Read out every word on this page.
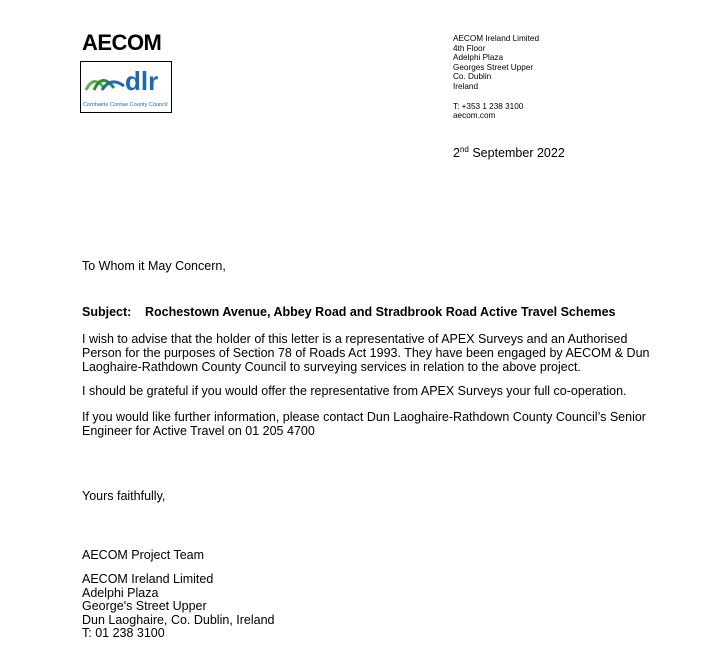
AECOM
dlr
Comhairle Contae County Council
AECOM Ireland Limited
4th Floor
Adelphi Plaza
Georges Street Upper
Co. Dublin
Ireland
T: +353 1 238 3100
aecom.com
2nd September 2022
To Whom it May Concern,
Subject: Rochestown Avenue, Abbey Road and Stradbrook Road Active Travel Schemes
I wish to advise that the holder of this letter is a representative of APEX Surveys and an Authorised
Person for the purposes of Section 78 of Roads Act 1993. They have been engaged by AECOM & Dun
Laoghaire-Rathdown County Council to surveying services in relation to the above project.
I should be grateful if you would offer the representative from APEX Surveys your full co-operation.
If you would like further information, please contact Dun Laoghaire-Rathdown County Council’s Senior
Engineer for Active Travel on 01 205 4700
Yours faithfully,
AECOM Project Team
AECOM Ireland Limited
Adelphi Plaza
George's Street Upper
Dun Laoghaire, Co. Dublin, Ireland
T: 01 238 3100
